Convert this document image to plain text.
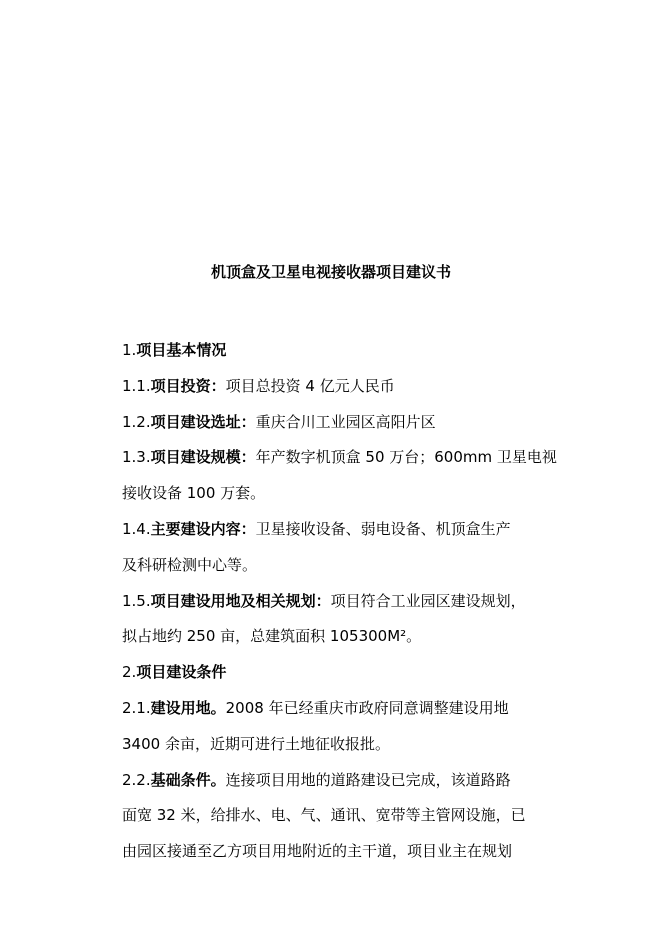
机顶盒及卫星电视接收器项目建议书
1.项目基本情况
1.1.项目投资：项目总投资 4 亿元人民币
1.2.项目建设选址：重庆合川工业园区高阳片区
1.3.项目建设规模：年产数字机顶盒 50 万台；600mm 卫星电视
接收设备 100 万套。
1.4.主要建设内容：卫星接收设备、弱电设备、机顶盒生产
及科研检测中心等。
1.5.项目建设用地及相关规划：项目符合工业园区建设规划，
拟占地约 250 亩，总建筑面积 105300M²。
2.项目建设条件
2.1.建设用地。2008 年已经重庆市政府同意调整建设用地
3400 余亩，近期可进行土地征收报批。
2.2.基础条件。连接项目用地的道路建设已完成，该道路路
面宽 32 米，给排水、电、气、通讯、宽带等主管网设施，已
由园区接通至乙方项目用地附近的主干道，项目业主在规划
